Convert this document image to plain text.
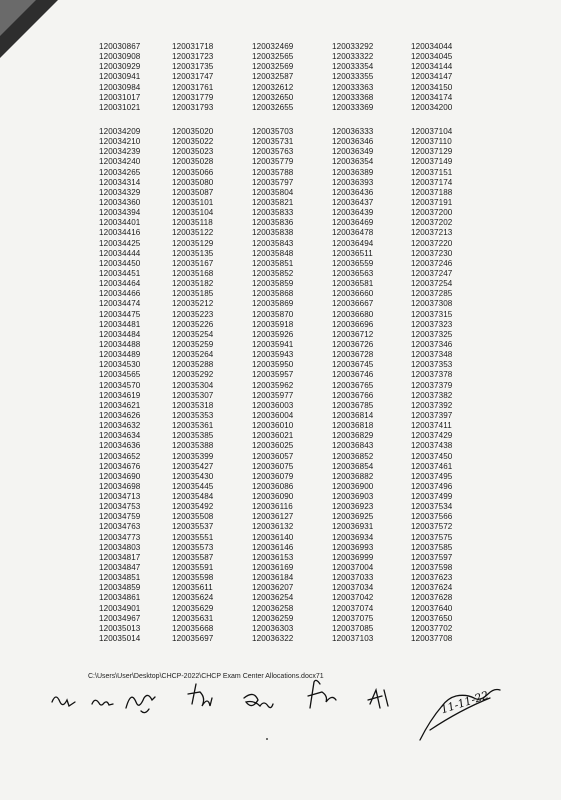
120030867	120031718	120032469	120033292	120034044
120030908	120031723	120032565	120033322	120034045
120030929	120031735	120032569	120033354	120034144
120030941	120031747	120032587	120033355	120034147
120030984	120031761	120032612	120033363	120034150
120031017	120031779	120032650	120033368	120034174
120031021	120031793	120032655	120033369	120034200
120034209	120035020	120035703	120036333	120037104
120034210	120035022	120035731	120036346	120037110
120034239	120035023	120035763	120036349	120037129
120034240	120035028	120035779	120036354	120037149
120034265	120035066	120035788	120036389	120037151
120034314	120035080	120035797	120036393	120037174
120034329	120035087	120035804	120036436	120037188
120034360	120035101	120035821	120036437	120037191
120034394	120035104	120035833	120036439	120037200
120034401	120035118	120035836	120036469	120037202
120034416	120035122	120035838	120036478	120037213
120034425	120035129	120035843	120036494	120037220
120034444	120035135	120035848	120036511	120037230
120034450	120035167	120035851	120036559	120037246
120034451	120035168	120035852	120036563	120037247
120034464	120035182	120035859	120036581	120037254
120034466	120035185	120035868	120036660	120037285
120034474	120035212	120035869	120036667	120037308
120034475	120035223	120035870	120036680	120037315
120034481	120035226	120035918	120036696	120037323
120034484	120035254	120035926	120036712	120037325
120034488	120035259	120035941	120036726	120037346
120034489	120035264	120035943	120036728	120037348
120034530	120035288	120035950	120036745	120037353
120034565	120035292	120035957	120036746	120037378
120034570	120035304	120035962	120036765	120037379
120034619	120035307	120035977	120036766	120037382
120034621	120035318	120036003	120036785	120037392
120034626	120035353	120036004	120036814	120037397
120034632	120035361	120036010	120036818	120037411
120034634	120035385	120036021	120036829	120037429
120034636	120035388	120036025	120036843	120037438
120034652	120035399	120036057	120036852	120037450
120034676	120035427	120036075	120036854	120037461
120034690	120035430	120036079	120036882	120037495
120034698	120035445	120036086	120036900	120037496
120034713	120035484	120036090	120036903	120037499
120034753	120035492	120036116	120036923	120037534
120034759	120035508	120036127	120036925	120037566
120034763	120035537	120036132	120036931	120037572
120034773	120035551	120036140	120036934	120037575
120034803	120035573	120036146	120036993	120037585
120034817	120035587	120036153	120036999	120037597
120034847	120035591	120036169	120037004	120037598
120034851	120035598	120036184	120037033	120037623
120034859	120035611	120036207	120037034	120037624
120034861	120035624	120036254	120037042	120037628
120034901	120035629	120036258	120037074	120037640
120034967	120035631	120036259	120037075	120037650
120035013	120035668	120036303	120037085	120037702
120035014	120035697	120036322	120037103	120037708
C:\Users\User\Desktop\CHCP-2022\CHCP Exam Center Allocations.docx71
11-11-22
